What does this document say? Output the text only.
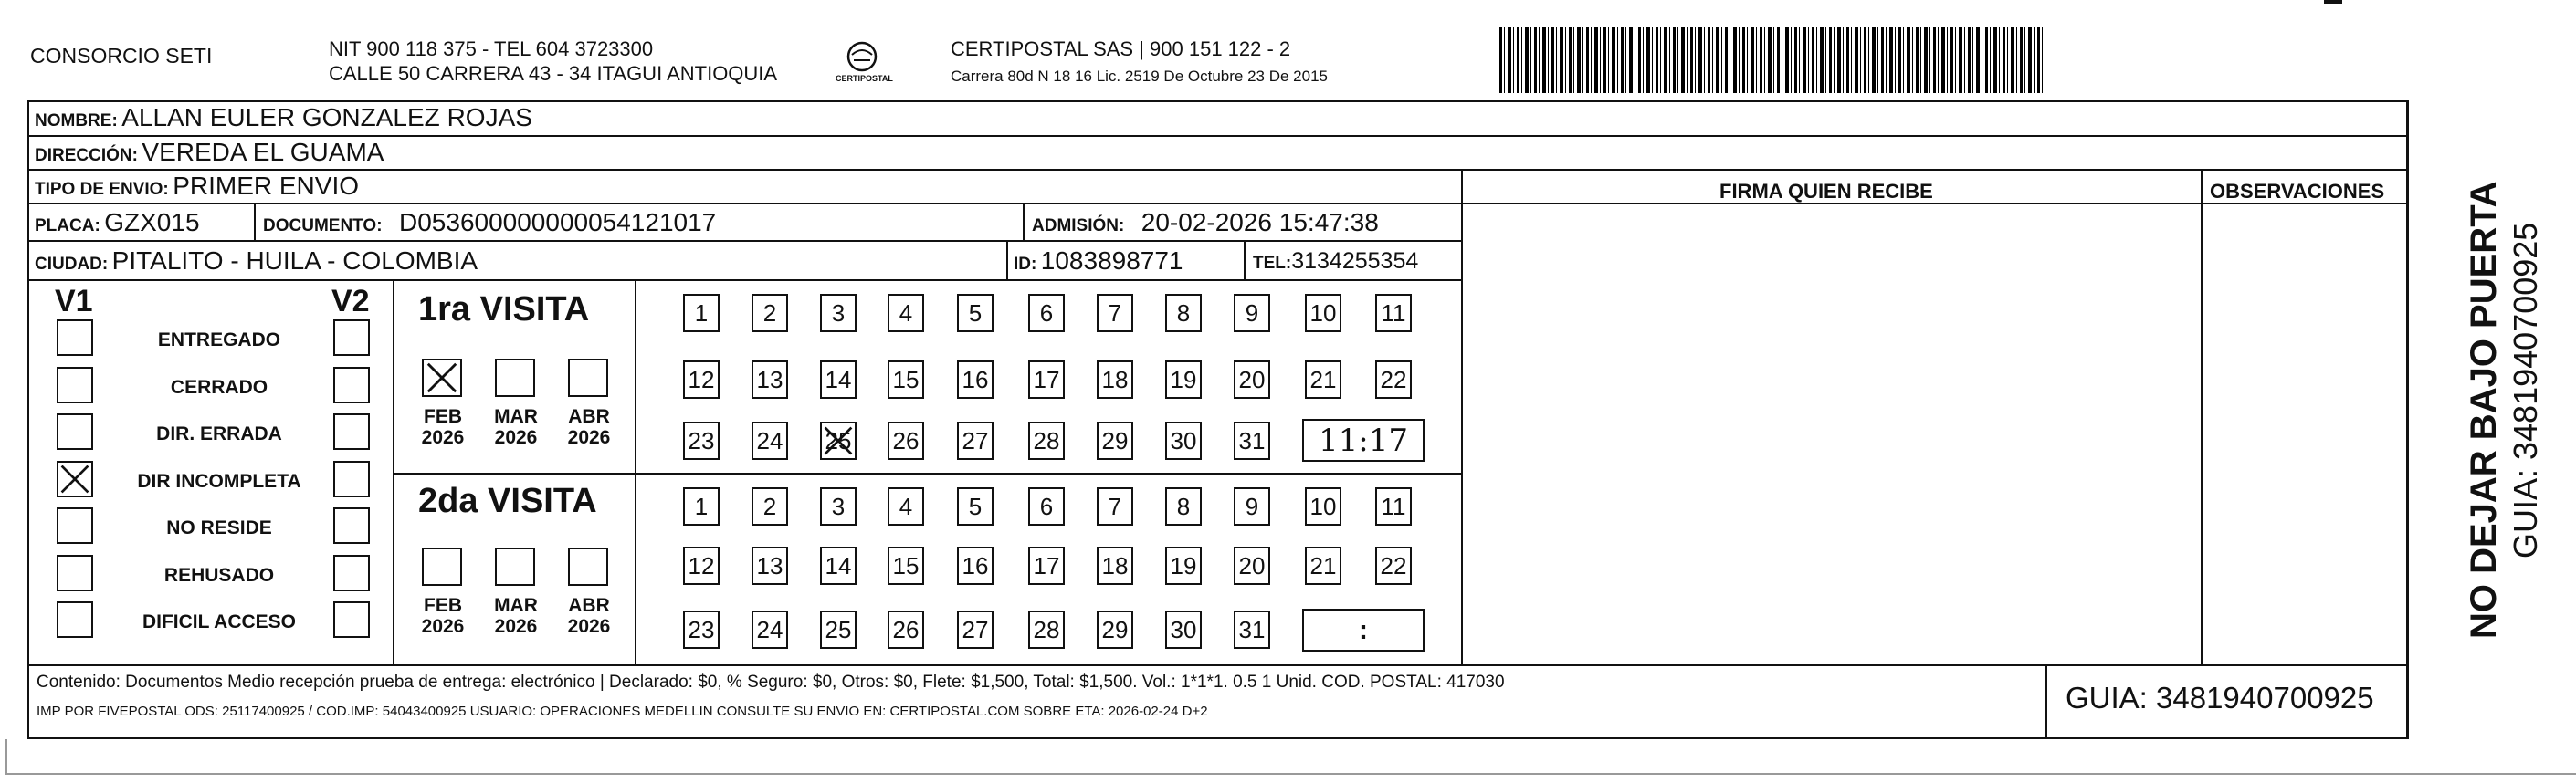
CONSORCIO SETI	NIT 900 118 375 - TEL 604 3723300
CALLE 50 CARRERA 43 - 34 ITAGUI ANTIOQUIA	CERTIPOSTAL
CERTIPOSTAL SAS | 900 151 122 - 2
Carrera 80d N 18 16 Lic. 2519 De Octubre 23 De 2015
NOMBRE: ALLAN EULER GONZALEZ ROJAS
DIRECCIÓN: VEREDA EL GUAMA
TIPO DE ENVIO: PRIMER ENVIO	FIRMA QUIEN RECIBE	OBSERVACIONES
PLACA: GZX015	DOCUMENTO: D053600000000054121017	ADMISIÓN: 20-02-2026 15:47:38
CIUDAD: PITALITO - HUILA - COLOMBIA	ID: 1083898771	TEL:3134255354
V1	V2
ENTREGADO
CERRADO
DIR. ERRADA
DIR INCOMPLETA
NO RESIDE
REHUSADO
DIFICIL ACCESO
1ra VISITA
FEB
2026
MAR
2026
ABR
2026
1	2	3	4	5	6	7	8	9	10 11
12 13 14 15 16 17 18 19 20 21 22
23 24 25 26 27 28 29 30 31	11:17
2da VISITA
FEB
2026
MAR
2026
ABR
2026
1	2	3	4	5	6	7	8	9	10 11
12 13 14 15 16 17 18 19 20 21 22
23 24 25 26 27 28 29 30 31	:
Contenido: Documentos Medio recepción prueba de entrega: electrónico | Declarado: $0, % Seguro: $0, Otros: $0, Flete: $1,500, Total: $1,500. Vol.: 1*1*1. 0.5 1 Unid. COD. POSTAL: 417030
IMP POR FIVEPOSTAL ODS: 25117400925 / COD.IMP: 54043400925 USUARIO: OPERACIONES MEDELLIN CONSULTE SU ENVIO EN: CERTIPOSTAL.COM SOBRE ETA: 2026-02-24 D+2	GUIA: 3481940700925
NO DEJAR BAJO PUERTA GUIA: 3481940700925
